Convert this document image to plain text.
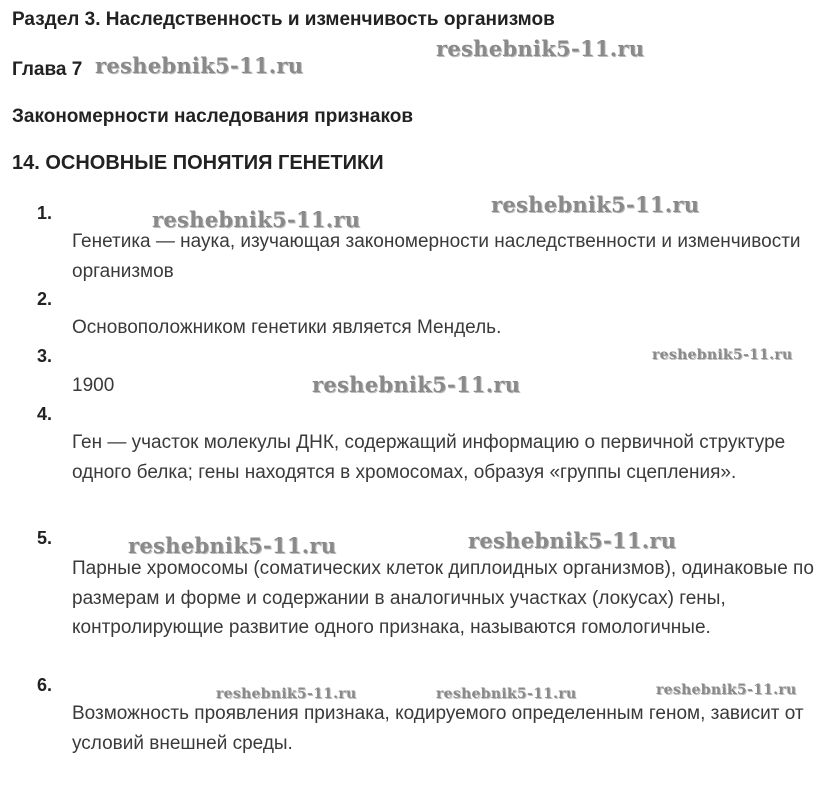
Раздел 3. Наследственность и изменчивость организмов
Глава 7
Закономерности наследования признаков
14. ОСНОВНЫЕ ПОНЯТИЯ ГЕНЕТИКИ
1.
Генетика — наука, изучающая закономерности наследственности и изменчивости организмов
2.
Основоположником генетики является Мендель.
3.
1900
4.
Ген — участок молекулы ДНК, содержащий информацию о первичной структуре одного белка; гены находятся в хромосомах, образуя «группы сцепления».
5.
Парные хромосомы (соматических клеток диплоидных организмов), одинаковые по размерам и форме и содержании в аналогичных участках (локусах) гены, контролирующие развитие одного признака, называются гомологичные.
6.
Возможность проявления признака, кодируемого определенным геном, зависит от условий внешней среды.
reshebnik5-11.ru
reshebnik5-11.ru
reshebnik5-11.ru
reshebnik5-11.ru
reshebnik5-11.ru
reshebnik5-11.ru
reshebnik5-11.ru	reshebnik5-11.ru
reshebnik5-11.ru	reshebnik5-11.ru	reshebnik5-11.ru
